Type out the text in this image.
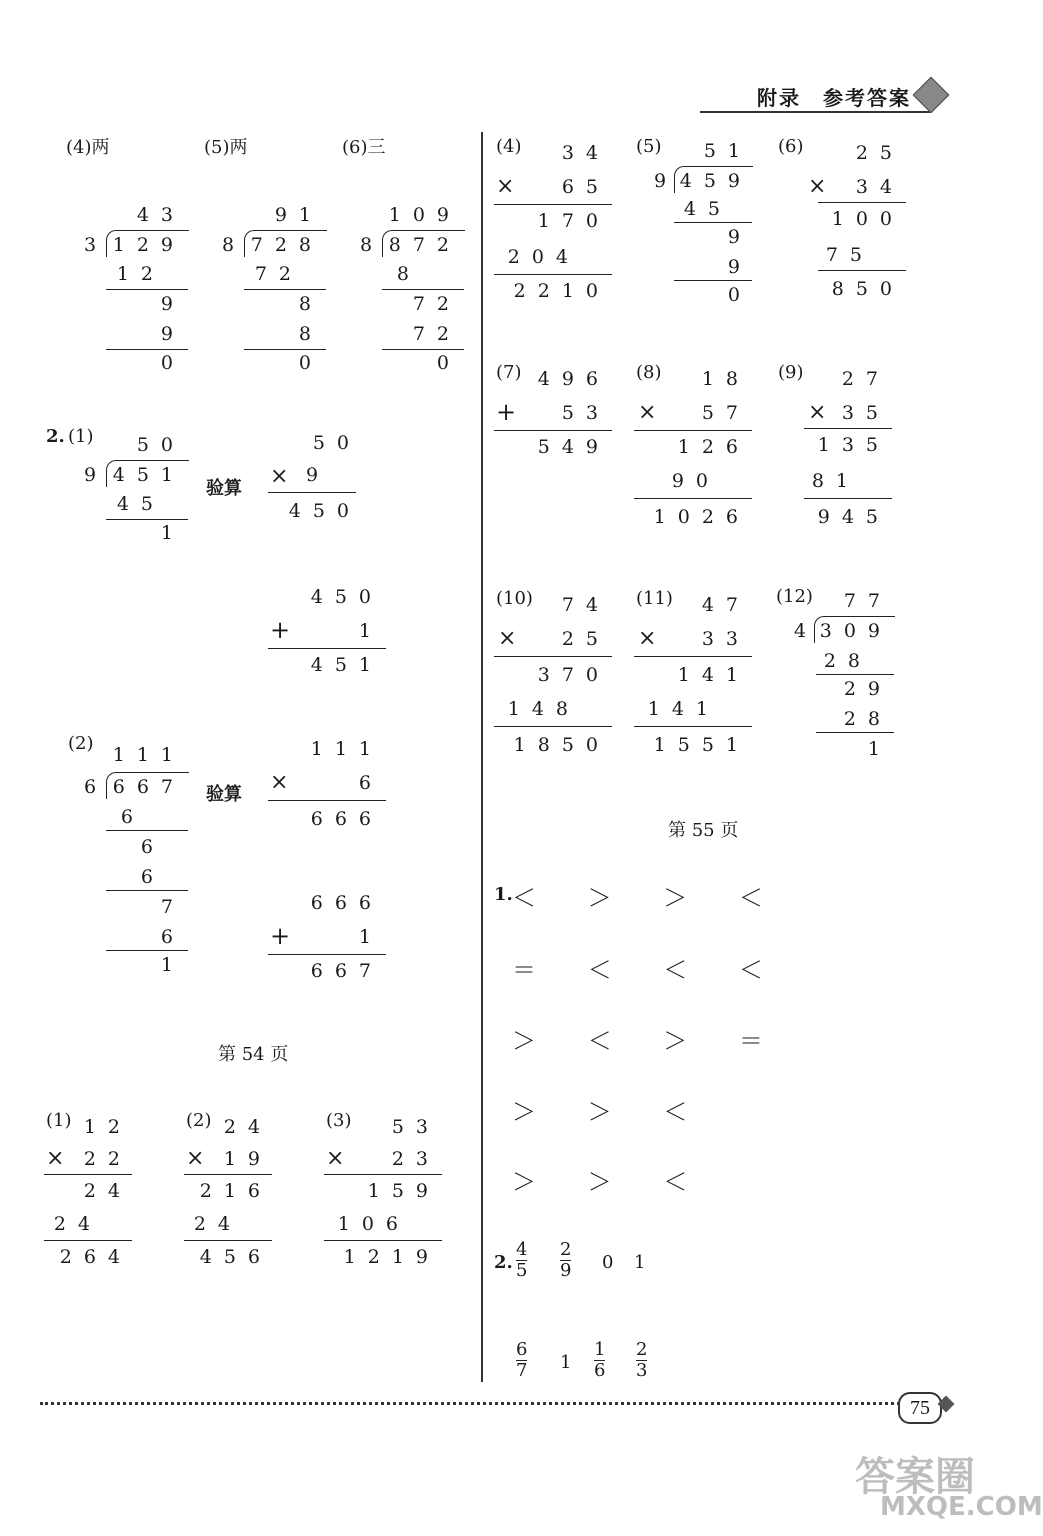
附录　参考答案
(4)两	(5)两	(6)三
43
3 129
12
9
9
0
91
8 728
72
8
8
0
109
8 872
8
72
72
0
2. (1) 50
9 451
45
1
验算
50
× 9
450
450
+	1
451
(2)
111
6 667
6
6
6
7
6
1
验算
111
×	6
666
666
+	1
667
第 54 页
(1) 12
× 22
24
24
264
(2) 24
× 19
216
24
456
(3) 53
× 23
159
106
1219
(4) 34
× 65
170
204
2210
(5) 51
9 459
45
9
9
0
(6)	25
× 34
100
75
850
(7) 496
+ 53
549
(8) 18
× 57
126
90
1026
(9) 27
× 35
135
81
945
(10) 74
× 25
370
148
1850
(11) 47
× 33
141
141
1551
(12) 77
4 309
28
29
28
1
第 55 页
1. ＜ ＞ ＞ ＜
＝ ＜ ＜ ＜
＞ ＜ ＞ ＝
＞ ＞ ＜
＞ ＞ ＜
2. $\frac{4}{5} \frac{2}{9} 0$ 1
$\frac{6}{7} 1 \frac{1}{6} \frac{2}{3}$
75
答案圈
MXQE.COM
